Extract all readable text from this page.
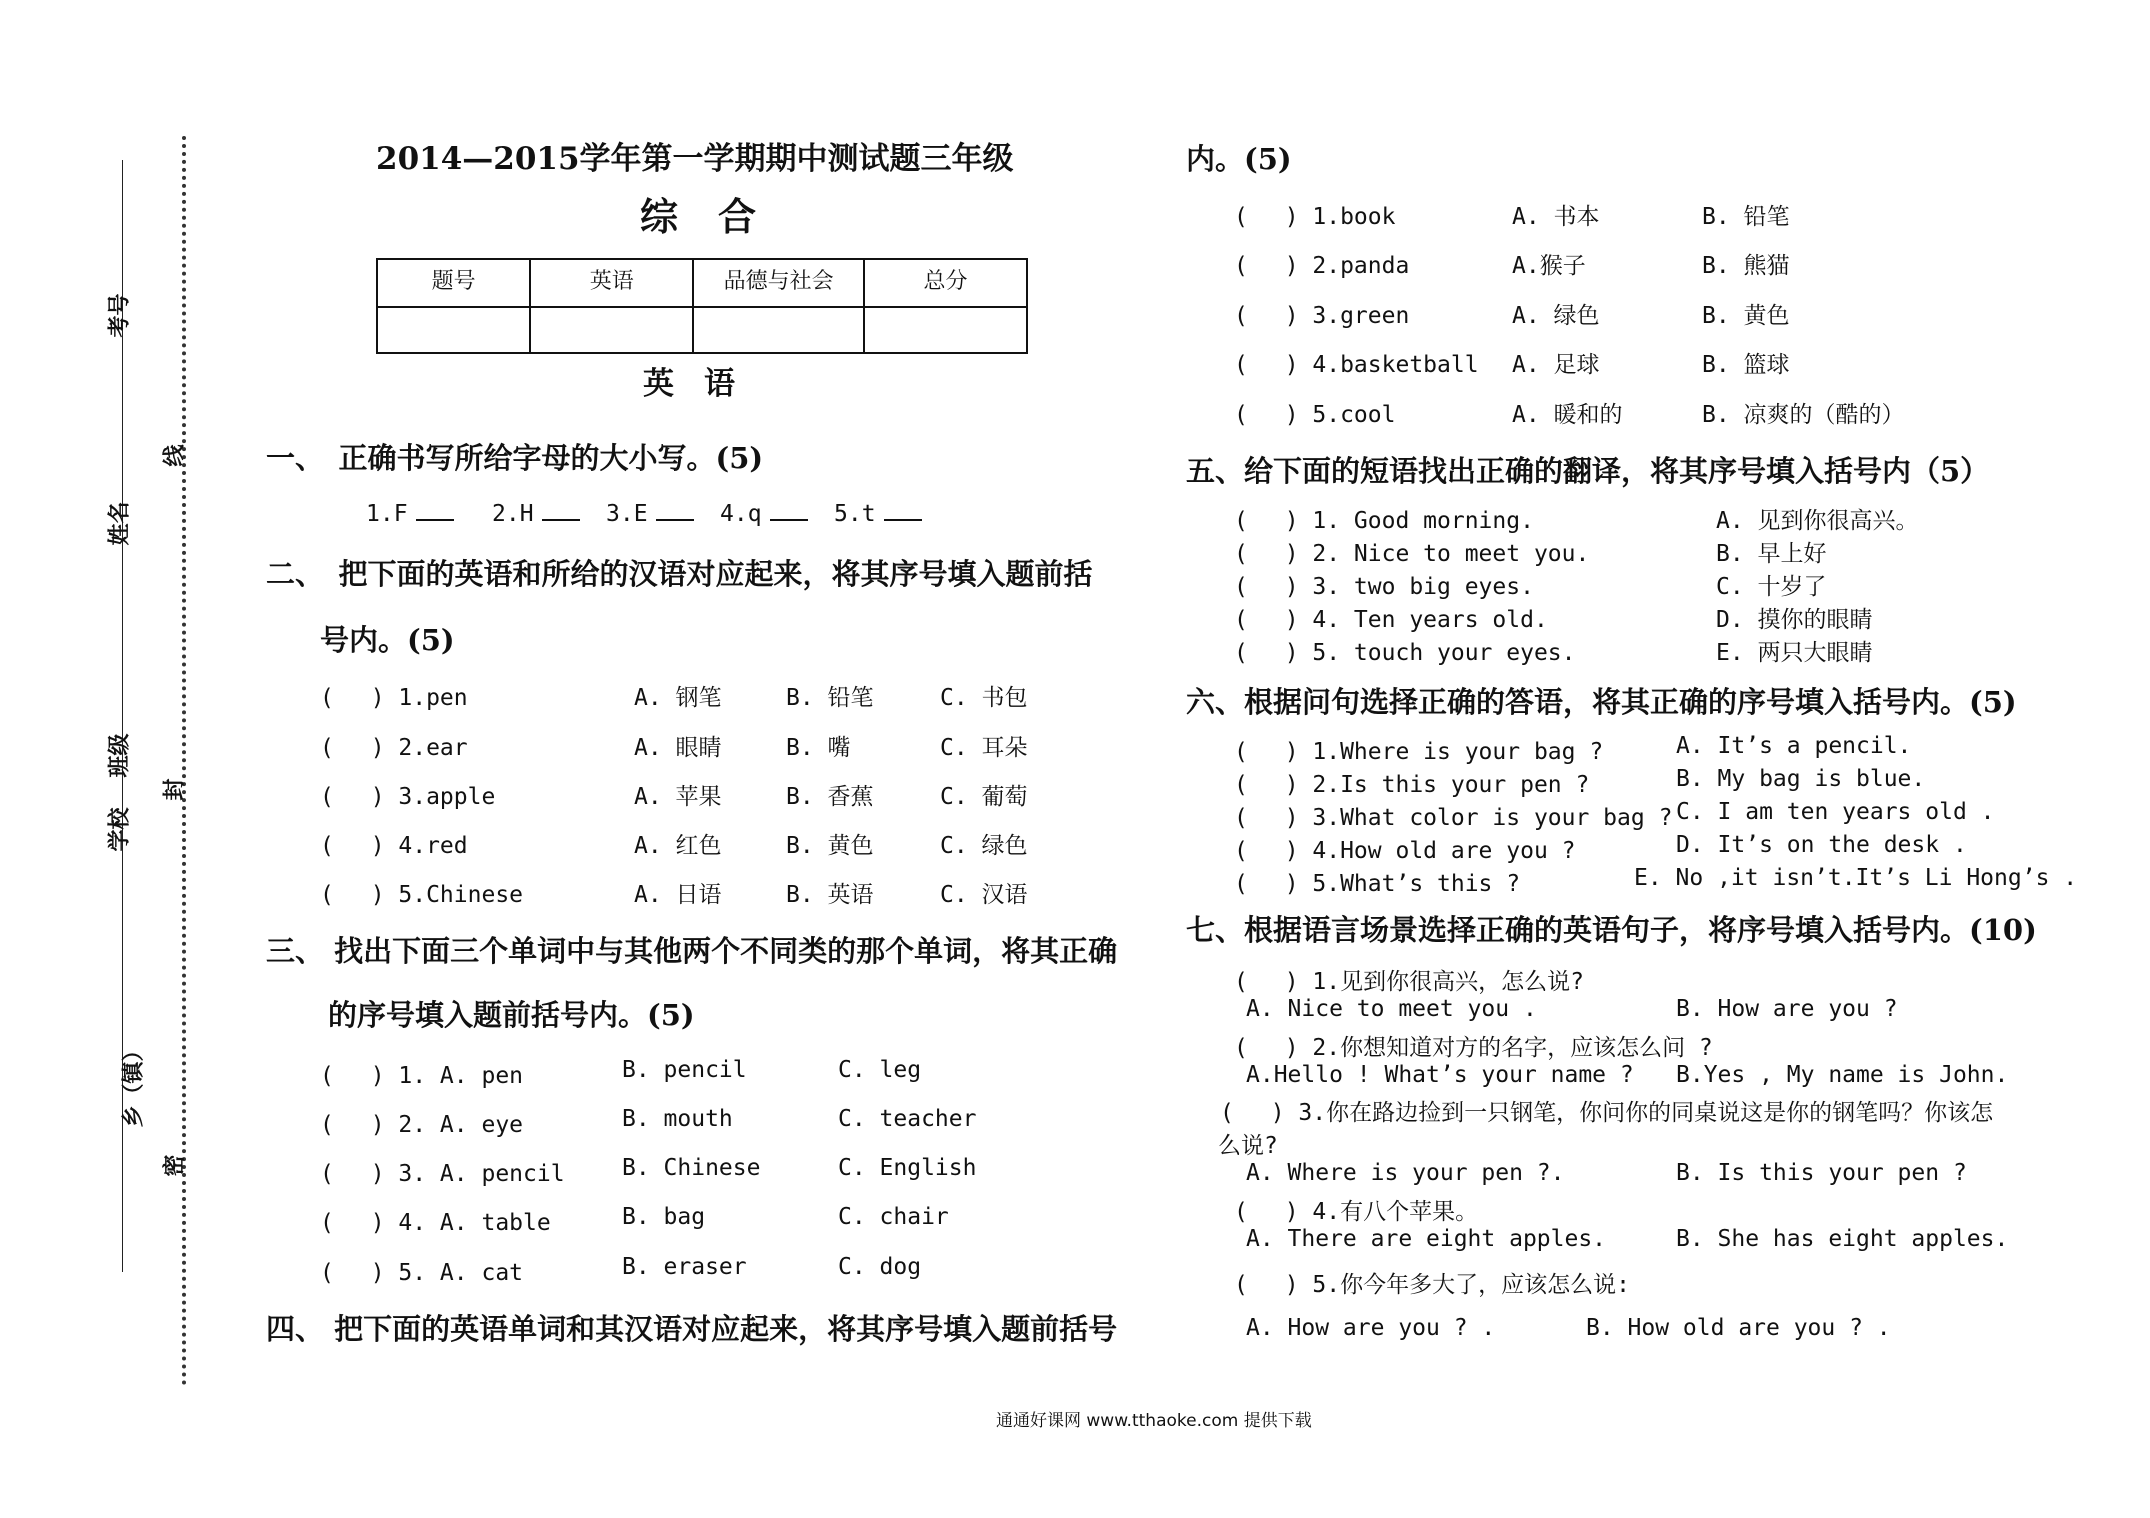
考号
姓名
学校
班级
乡（镇）
线
封
密
2014—2015学年第一学期期中测试题三年级
综合
题号	英语	品德与社会	总分

英语
一、　正确书写所给字母的大小写。(5)
1.F	2.H	3.E	4.q	5.t
二、　把下面的英语和所给的汉语对应起来，将其序号填入题前括
号内。(5)
(　 ) 1.pen	A. 钢笔	B. 铅笔	C. 书包
(　 ) 2.ear	A. 眼睛	B. 嘴	C. 耳朵
(　 ) 3.apple	A. 苹果	B. 香蕉	C. 葡萄
(　 ) 4.red	A. 红色	B. 黄色	C. 绿色
(　 ) 5.Chinese	A. 日语	B. 英语	C. 汉语
三、 找出下面三个单词中与其他两个不同类的那个单词，将其正确
的序号填入题前括号内。(5)
(　 ) 1. A. pen	B. pencil	C. leg
(　 ) 2. A. eye	B. mouth	C. teacher
(　 ) 3. A. pencil B. Chinese	C. English
(　 ) 4. A. table	B. bag	C. chair
(　 ) 5. A. cat	B. eraser	C. dog
四、 把下面的英语单词和其汉语对应起来，将其序号填入题前括号
内。(5)
(　 ) 1.book	A. 书本	B. 铅笔
(　 ) 2.panda	A.猴子	B. 熊猫
(　 ) 3.green	A. 绿色	B. 黄色
(　 ) 4.basketball A. 足球	B. 篮球
(　 ) 5.cool	A. 暖和的	B. 凉爽的（酷的）
五、给下面的短语找出正确的翻译，将其序号填入括号内（5）
(　 ) 1. Good morning.	A. 见到你很高兴。
(　 ) 2. Nice to meet you.	B. 早上好
(　 ) 3. two big eyes.	C. 十岁了
(　 ) 4. Ten years old.	D. 摸你的眼睛
(　 ) 5. touch your eyes.	E. 两只大眼睛
六、根据问句选择正确的答语，将其正确的序号填入括号内。(5)
(　 ) 1.Where is your bag ?	A. It’s a pencil.
(　 ) 2.Is this your pen ?	B. My bag is blue.
(　 ) 3.What color is your bag ? C. I am ten years old .
(　 ) 4.How old are you ?	D. It’s on the desk .
(　 ) 5.What’s this ?	E. No ,it isn’t.It’s Li Hong’s .
七、根据语言场景选择正确的英语句子，将序号填入括号内。(10)
(　 ) 1.见到你很高兴，怎么说?
A. Nice to meet you .	B. How are you ?
(　 ) 2.你想知道对方的名字，应该怎么问 ?
A.Hello ! What’s your name ? B.Yes , My name is John.
(　 ) 3.你在路边捡到一只钢笔，你问你的同桌说这是你的钢笔吗？你该怎
么说?
A. Where is your pen ?.	B. Is this your pen ?
(　 ) 4.有八个苹果。
A. There are eight apples.	B. She has eight apples.
(　 ) 5.你今年多大了，应该怎么说:
A. How are you ? .	B. How old are you ? .
通通好课网 www.tthaoke.com 提供下载
